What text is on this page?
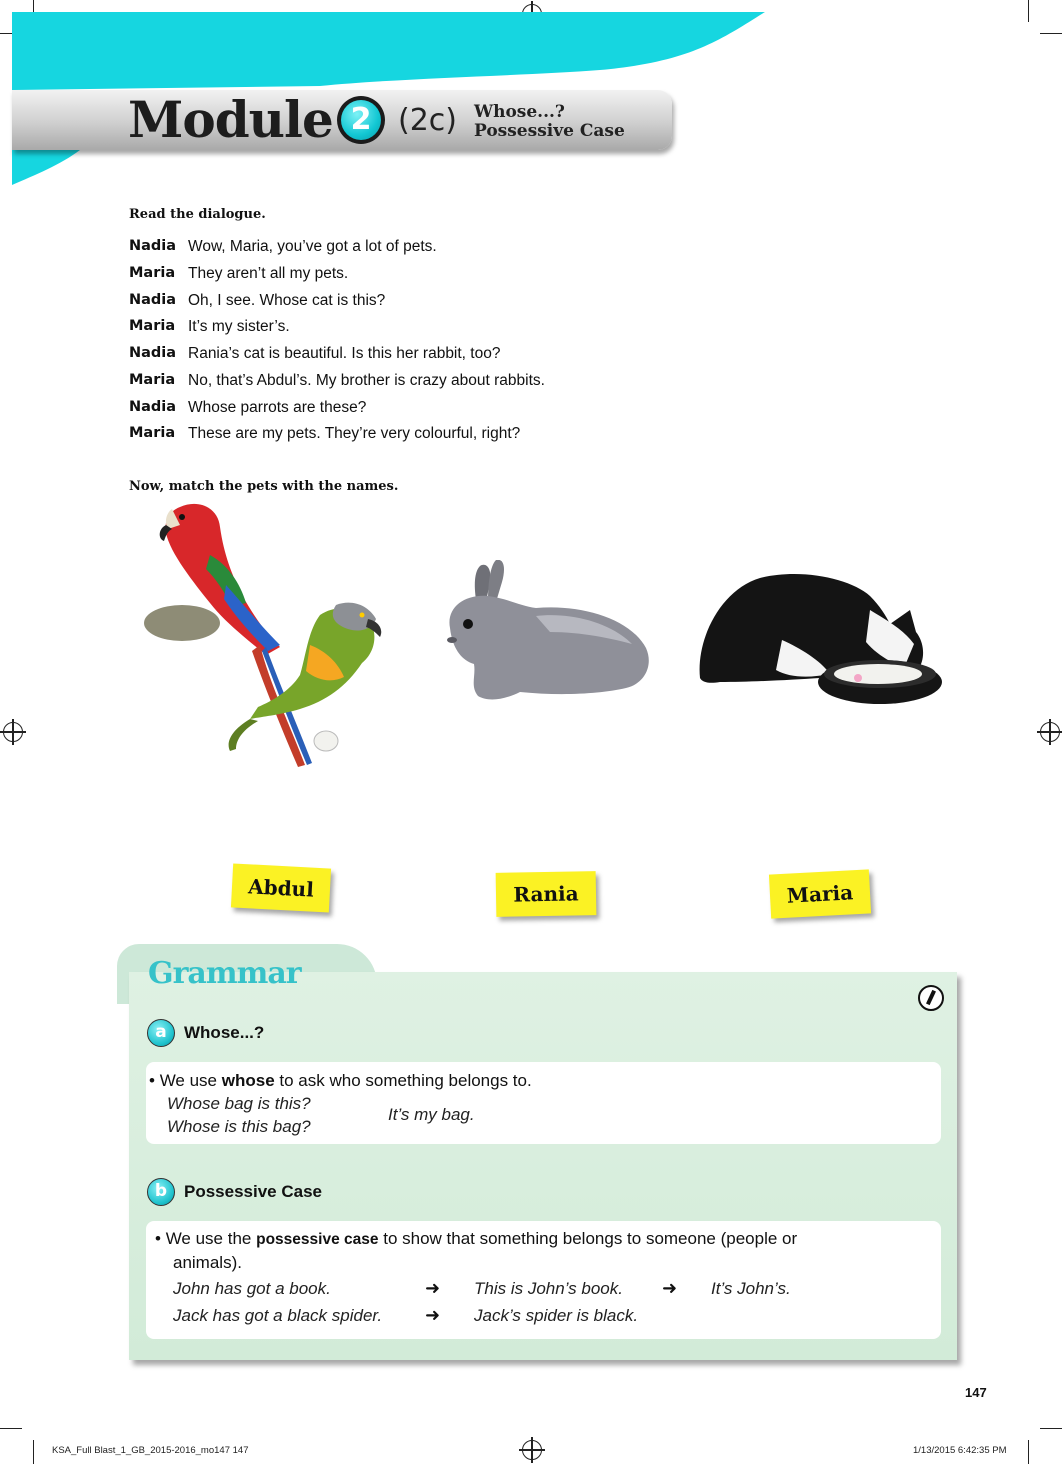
Module 2 (2c) Whose...?
Possessive Case
Read the dialogue.
Nadia Wow, Maria, you’ve got a lot of pets.
Maria They aren’t all my pets.
Nadia Oh, I see. Whose cat is this?
Maria It’s my sister’s.
Nadia Rania’s cat is beautiful. Is this her rabbit, too?
Maria No, that’s Abdul’s. My brother is crazy about rabbits.
Nadia Whose parrots are these?
Maria These are my pets. They’re very colourful, right?
Now, match the pets with the names.
Abdul	Rania	Maria
Grammar
a	Whose...?
• We use whose to ask who something belongs to.
Whose bag is this?
Whose is this bag?
It’s my bag.
b Possessive Case
• We use the possessive case to show that something belongs to someone (people or
animals).
John has got a book.	➜ This is John’s book. ➜ It’s John’s.
Jack has got a black spider. ➜ Jack’s spider is black.
147
KSA_Full Blast_1_GB_2015-2016_mo147 147	1/13/2015 6:42:35 PM
